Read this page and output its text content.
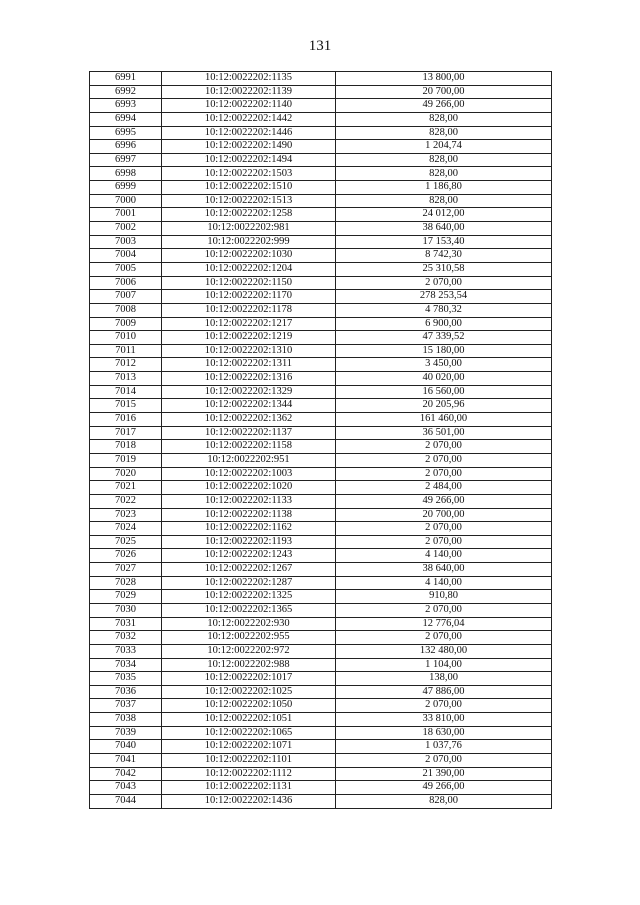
131
6991	10:12:0022202:1135	13 800,00
6992	10:12:0022202:1139	20 700,00
6993	10:12:0022202:1140	49 266,00
6994	10:12:0022202:1442	828,00
6995	10:12:0022202:1446	828,00
6996	10:12:0022202:1490	1 204,74
6997	10:12:0022202:1494	828,00
6998	10:12:0022202:1503	828,00
6999	10:12:0022202:1510	1 186,80
7000	10:12:0022202:1513	828,00
7001	10:12:0022202:1258	24 012,00
7002	10:12:0022202:981	38 640,00
7003	10:12:0022202:999	17 153,40
7004	10:12:0022202:1030	8 742,30
7005	10:12:0022202:1204	25 310,58
7006	10:12:0022202:1150	2 070,00
7007	10:12:0022202:1170	278 253,54
7008	10:12:0022202:1178	4 780,32
7009	10:12:0022202:1217	6 900,00
7010	10:12:0022202:1219	47 339,52
7011	10:12:0022202:1310	15 180,00
7012	10:12:0022202:1311	3 450,00
7013	10:12:0022202:1316	40 020,00
7014	10:12:0022202:1329	16 560,00
7015	10:12:0022202:1344	20 205,96
7016	10:12:0022202:1362	161 460,00
7017	10:12:0022202:1137	36 501,00
7018	10:12:0022202:1158	2 070,00
7019	10:12:0022202:951	2 070,00
7020	10:12:0022202:1003	2 070,00
7021	10:12:0022202:1020	2 484,00
7022	10:12:0022202:1133	49 266,00
7023	10:12:0022202:1138	20 700,00
7024	10:12:0022202:1162	2 070,00
7025	10:12:0022202:1193	2 070,00
7026	10:12:0022202:1243	4 140,00
7027	10:12:0022202:1267	38 640,00
7028	10:12:0022202:1287	4 140,00
7029	10:12:0022202:1325	910,80
7030	10:12:0022202:1365	2 070,00
7031	10:12:0022202:930	12 776,04
7032	10:12:0022202:955	2 070,00
7033	10:12:0022202:972	132 480,00
7034	10:12:0022202:988	1 104,00
7035	10:12:0022202:1017	138,00
7036	10:12:0022202:1025	47 886,00
7037	10:12:0022202:1050	2 070,00
7038	10:12:0022202:1051	33 810,00
7039	10:12:0022202:1065	18 630,00
7040	10:12:0022202:1071	1 037,76
7041	10:12:0022202:1101	2 070,00
7042	10:12:0022202:1112	21 390,00
7043	10:12:0022202:1131	49 266,00
7044	10:12:0022202:1436	828,00
